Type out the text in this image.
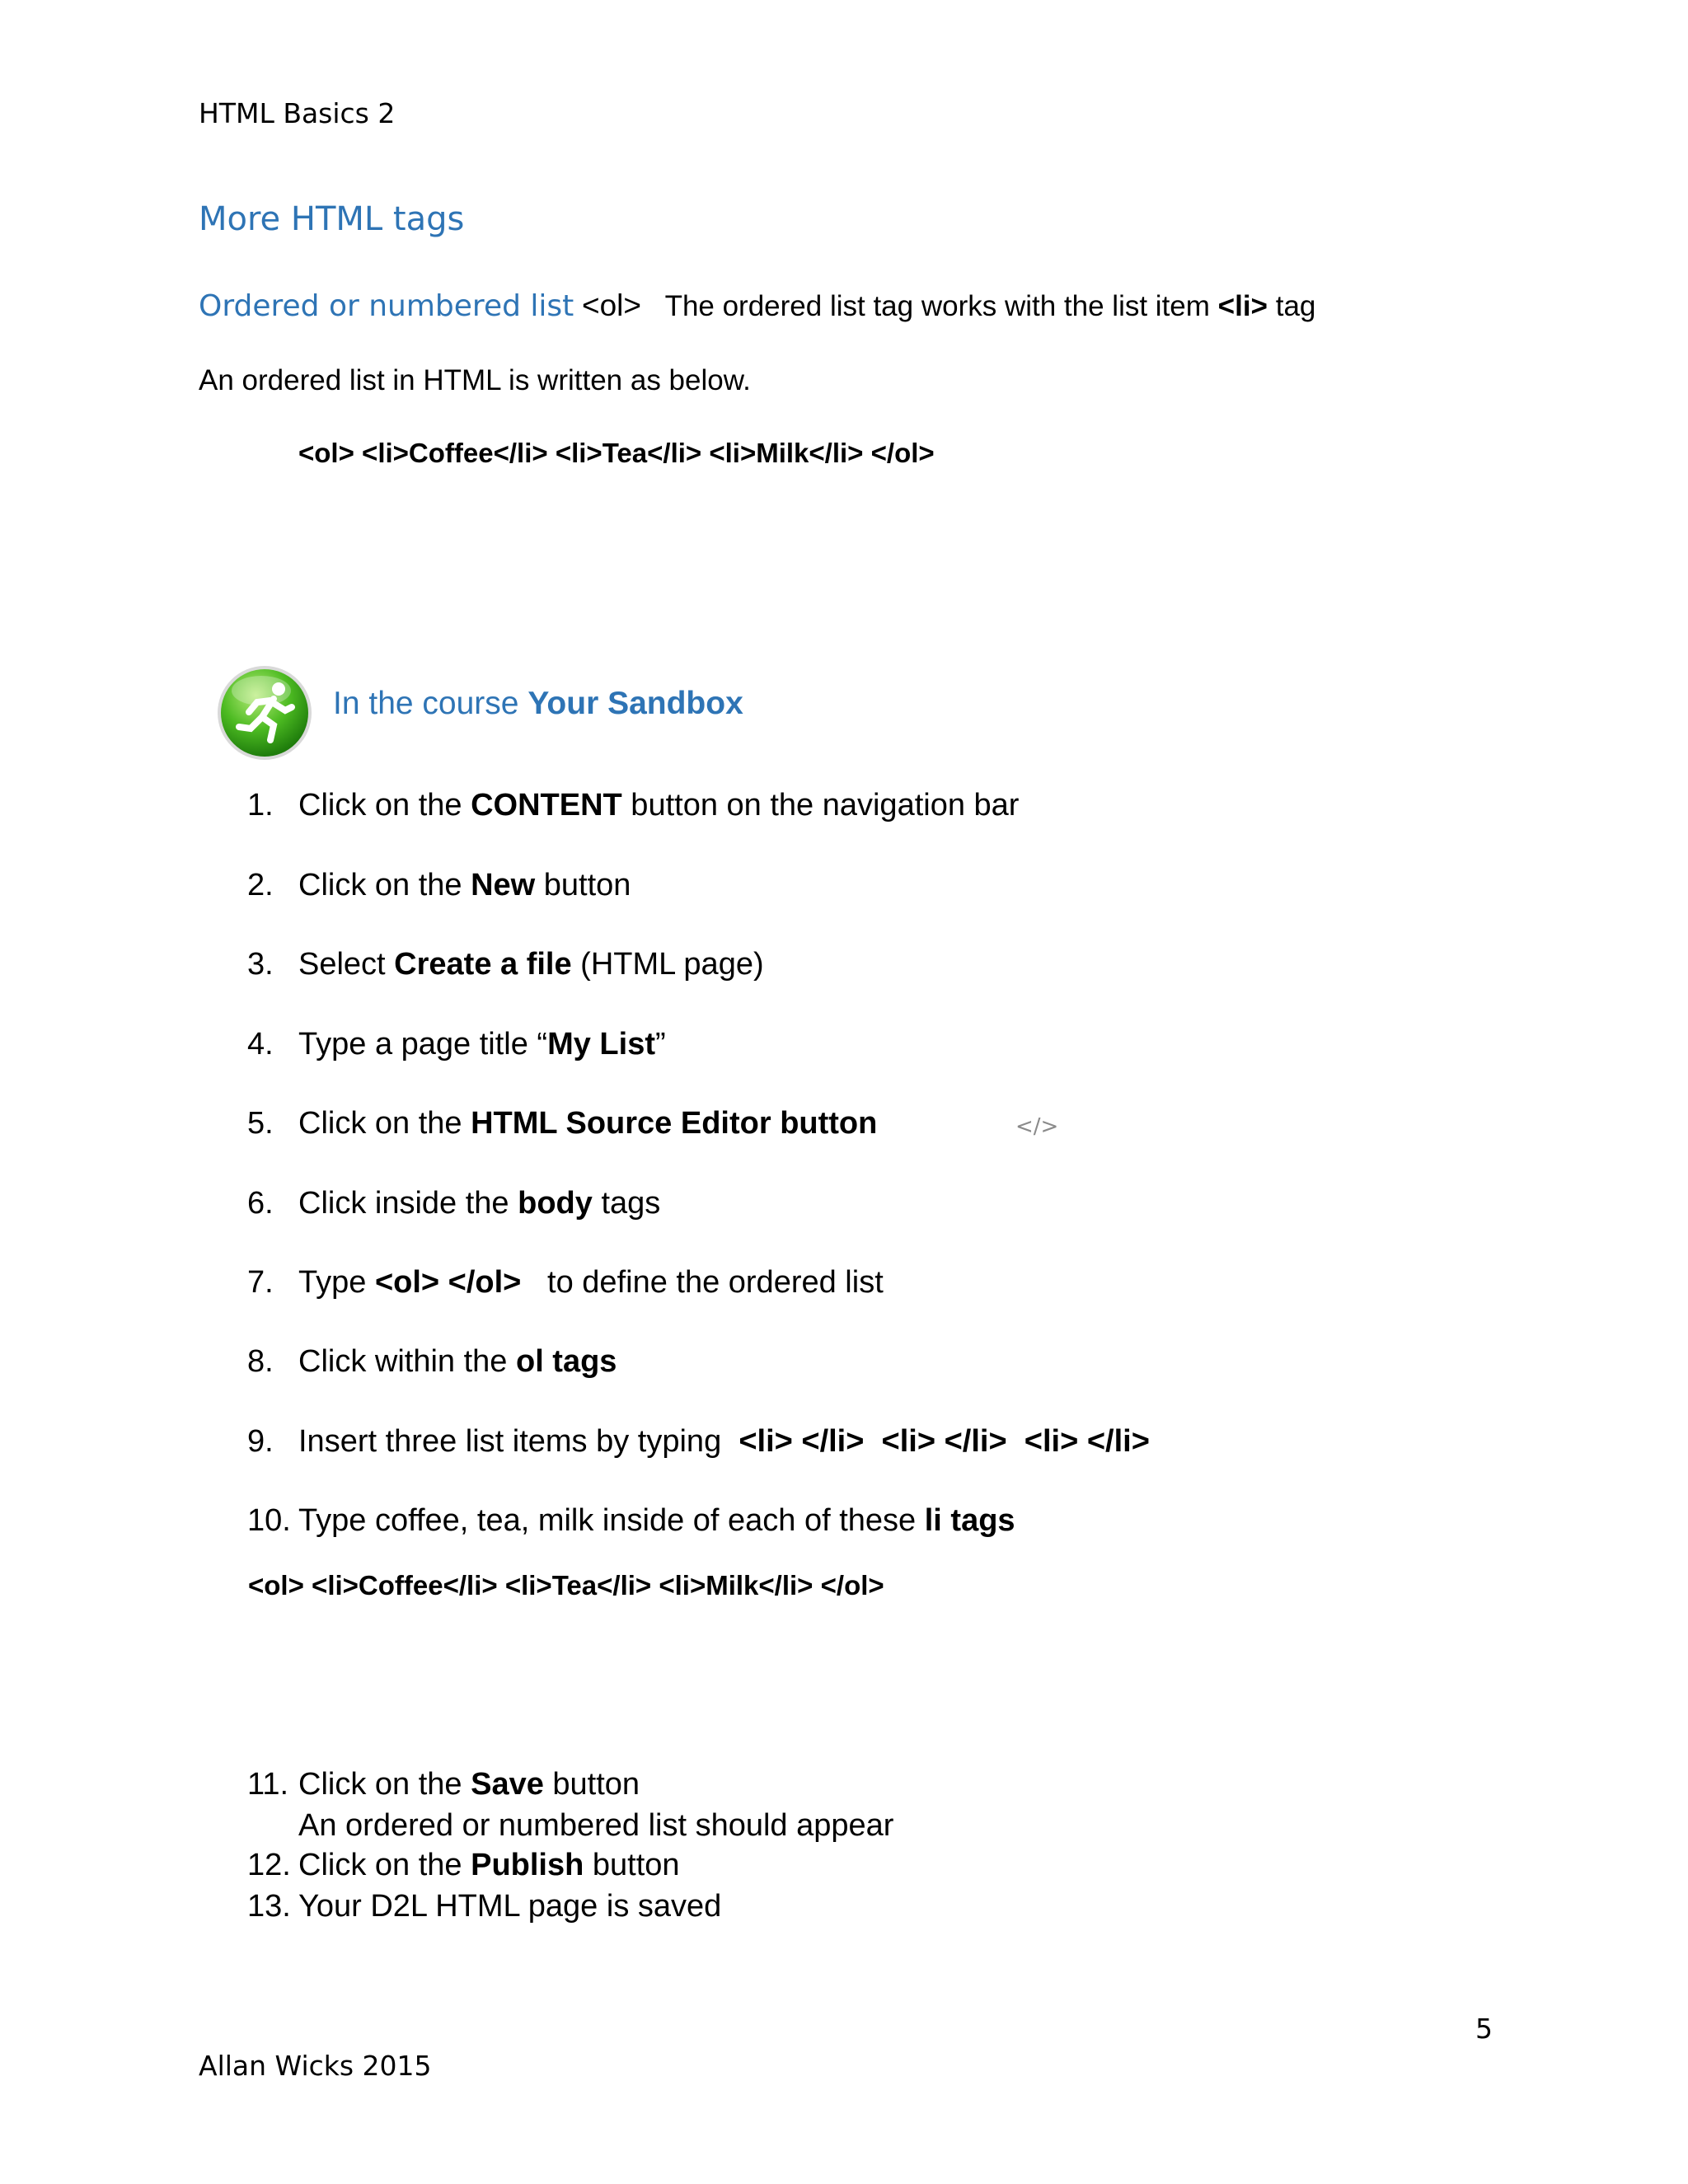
HTML Basics 2
More HTML tags
Ordered or numbered list <ol> The ordered list tag works with the list item <li> tag
An ordered list in HTML is written as below.
<ol> <li>Coffee</li> <li>Tea</li> <li>Milk</li> </ol>
In the course Your Sandbox
1. Click on the CONTENT button on the navigation bar
2. Click on the New button
3. Select Create a file (HTML page)
4. Type a page title “My List”
5. Click on the HTML Source Editor button	</>
6. Click inside the body tags
7. Type <ol> </ol>   to define the ordered list
8. Click within the ol tags
9. Insert three list items by typing  <li> </li>  <li> </li>  <li> </li>
10. Type coffee, tea, milk inside of each of these li tags
<ol> <li>Coffee</li> <li>Tea</li> <li>Milk</li> </ol>
11. Click on the Save button
An ordered or numbered list should appear
12. Click on the Publish button
13. Your D2L HTML page is saved
5
Allan Wicks 2015
